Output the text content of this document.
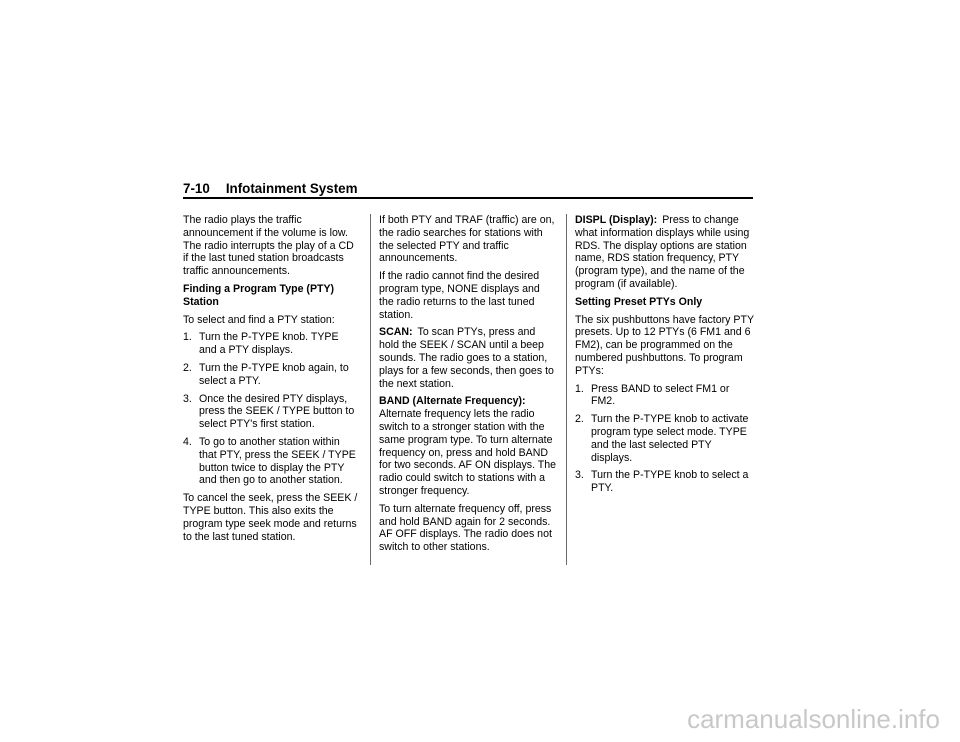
7-10 Infotainment System

The radio plays the traffic announcement if the volume is low. The radio interrupts the play of a CD if the last tuned station broadcasts traffic announcements.

Finding a Program Type (PTY) Station

To select and find a PTY station:

1. Turn the P-TYPE knob. TYPE and a PTY displays.
2. Turn the P-TYPE knob again, to select a PTY.
3. Once the desired PTY displays, press the SEEK / TYPE button to select PTY's first station.
4. To go to another station within that PTY, press the SEEK / TYPE button twice to display the PTY and then go to another station.

To cancel the seek, press the SEEK / TYPE button. This also exits the program type seek mode and returns to the last tuned station.

If both PTY and TRAF (traffic) are on, the radio searches for stations with the selected PTY and traffic announcements.

If the radio cannot find the desired program type, NONE displays and the radio returns to the last tuned station.

SCAN: To scan PTYs, press and hold the SEEK / SCAN until a beep sounds. The radio goes to a station, plays for a few seconds, then goes to the next station.

BAND (Alternate Frequency):
Alternate frequency lets the radio switch to a stronger station with the same program type. To turn alternate frequency on, press and hold BAND for two seconds. AF ON displays. The radio could switch to stations with a stronger frequency.

To turn alternate frequency off, press and hold BAND again for 2 seconds. AF OFF displays. The radio does not switch to other stations.

DISPL (Display): Press to change what information displays while using RDS. The display options are station name, RDS station frequency, PTY (program type), and the name of the program (if available).

Setting Preset PTYs Only

The six pushbuttons have factory PTY presets. Up to 12 PTYs (6 FM1 and 6 FM2), can be programmed on the numbered pushbuttons. To program PTYs:

1. Press BAND to select FM1 or FM2.
2. Turn the P-TYPE knob to activate program type select mode. TYPE and the last selected PTY displays.
3. Turn the P-TYPE knob to select a PTY.
carmanualsonline.info
